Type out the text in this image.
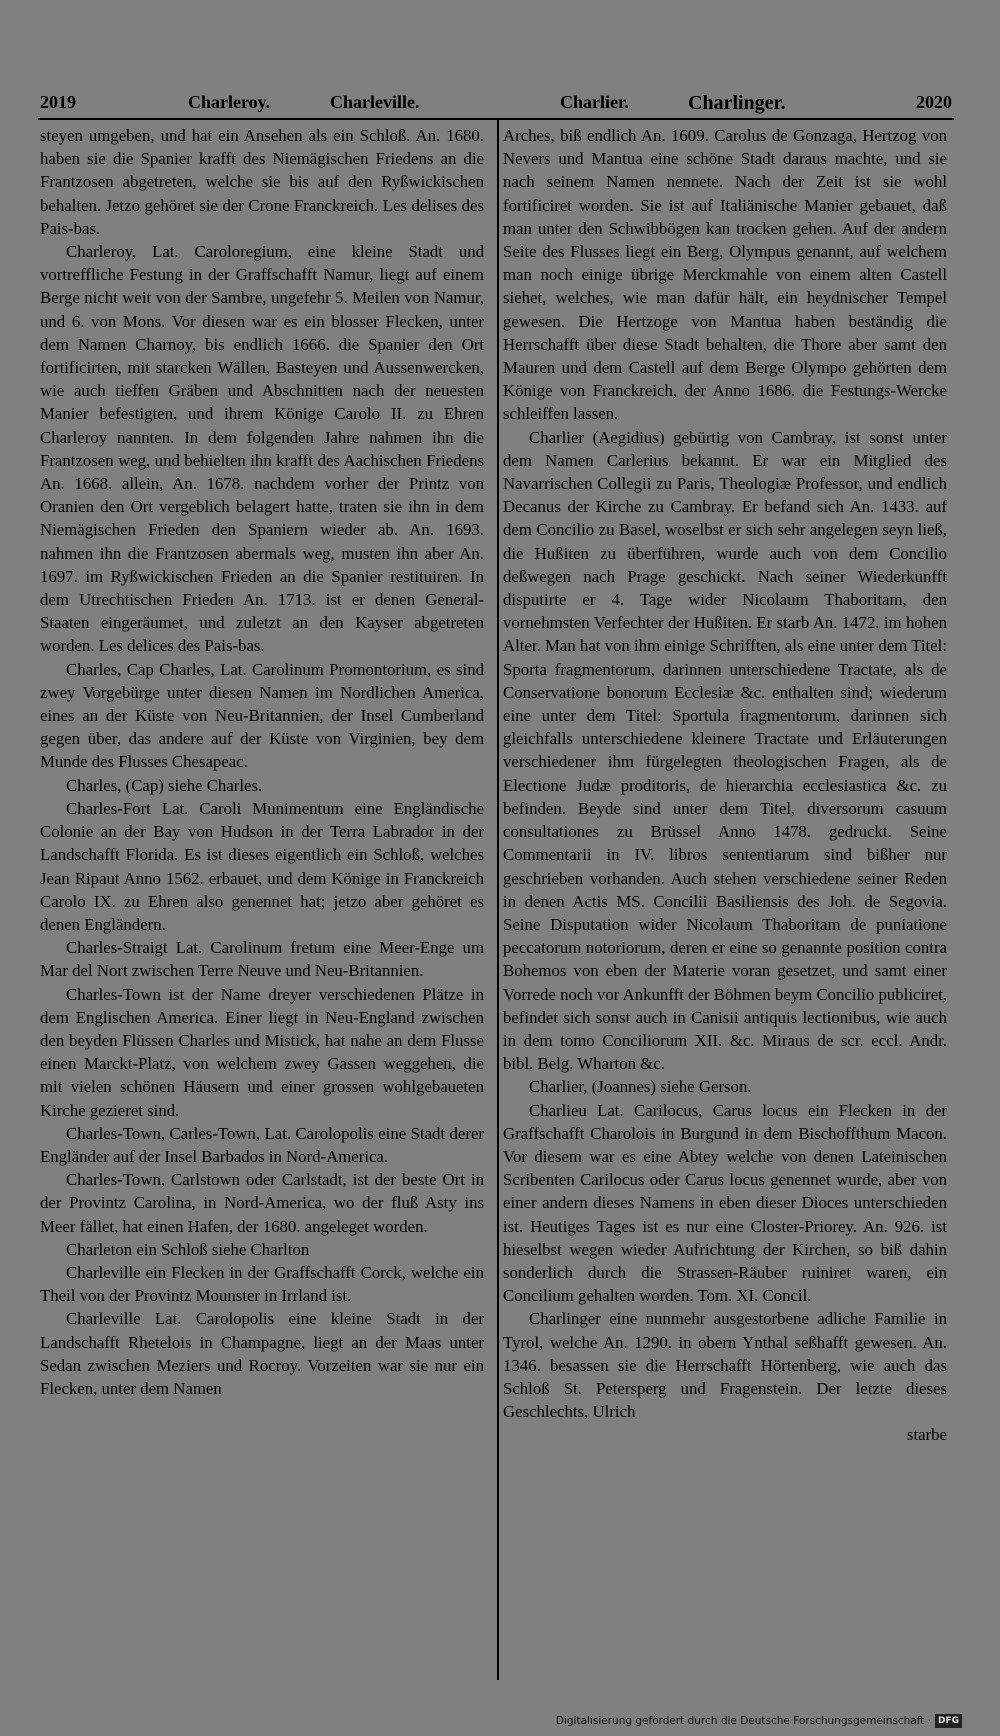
2019	Charleroy.	Charleville.	Charlier.	Charlinger.	2020

steyen umgeben, und hat ein Ansehen als ein Schloß. An. 1680. haben sie die Spanier krafft des Niemägischen Friedens an die Frantzosen abgetreten, welche sie bis auf den Ryßwickischen behalten. Jetzo gehöret sie der Crone Franckreich. Les delises des Pais-bas.

Charleroy, Lat. Caroloregium, eine kleine Stadt und vortreffliche Festung in der Graffschafft Namur, liegt auf einem Berge nicht weit von der Sambre, ungefehr 5. Meilen von Namur, und 6. von Mons. Vor diesen war es ein blosser Flecken, unter dem Namen Charnoy, bis endlich 1666. die Spanier den Ort fortificirten, mit starcken Wällen, Basteyen und Aussenwercken, wie auch tieffen Gräben und Abschnitten nach der neuesten Manier befestigten, und ihrem Könige Carolo II. zu Ehren Charleroy nannten. In dem folgenden Jahre nahmen ihn die Frantzosen weg, und behielten ihn krafft des Aachischen Friedens An. 1668. allein, An. 1678. nachdem vorher der Printz von Oranien den Ort vergeblich belagert hatte, traten sie ihn in dem Niemägischen Frieden den Spaniern wieder ab. An. 1693. nahmen ihn die Frantzosen abermals weg, musten ihn aber An. 1697. im Ryßwickischen Frieden an die Spanier restituiren. In dem Utrechtischen Frieden An. 1713. ist er denen General-Staaten eingeräumet, und zuletzt an den Kayser abgetreten worden. Les delices des Pais-bas.

Charles, Cap Charles, Lat. Carolinum Promontorium, es sind zwey Vorgebürge unter diesen Namen im Nordlichen America, eines an der Küste von Neu-Britannien, der Insel Cumberland gegen über, das andere auf der Küste von Virginien, bey dem Munde des Flusses Chesapeac.

Charles, (Cap) siehe Charles.

Charles-Fort Lat. Caroli Munimentum eine Engländische Colonie an der Bay von Hudson in der Terra Labrador in der Landschafft Florida. Es ist dieses eigentlich ein Schloß, welches Jean Ripaut Anno 1562. erbauet, und dem Könige in Franckreich Carolo IX. zu Ehren also genennet hat; jetzo aber gehöret es denen Engländern.

Charles-Straigt Lat. Carolinum fretum eine Meer-Enge um Mar del Nort zwischen Terre Neuve und Neu-Britannien.

Charles-Town ist der Name dreyer verschiedenen Plätze in dem Englischen America. Einer liegt in Neu-England zwischen den beyden Flüssen Charles und Mistick, hat nahe an dem Flusse einen Marckt-Platz, von welchem zwey Gassen weggehen, die mit vielen schönen Häusern und einer grossen wohlgebaueten Kirche gezieret sind.

Charles-Town, Carles-Town, Lat. Carolopolis eine Stadt derer Engländer auf der Insel Barbados in Nord-America.

Charles-Town, Carlstown oder Carlstadt, ist der beste Ort in der Provintz Carolina, in Nord-America, wo der fluß Asty ins Meer fället, hat einen Hafen, der 1680. angeleget worden.

Charleton ein Schloß siehe Charlton

Charleville ein Flecken in der Graffschafft Corck, welche ein Theil von der Provintz Mounster in Irrland ist.

Charleville Lat. Carolopolis eine kleine Stadt in der Landschafft Rhetelois in Champagne, liegt an der Maas unter Sedan zwischen Meziers und Rocroy. Vorzeiten war sie nur ein Flecken, unter dem Namen

Arches, biß endlich An. 1609. Carolus de Gonzaga, Hertzog von Nevers und Mantua eine schöne Stadt daraus machte, und sie nach seinem Namen nennete. Nach der Zeit ist sie wohl fortificiret worden. Sie ist auf Italiänische Manier gebauet, daß man unter den Schwibbögen kan trocken gehen. Auf der andern Seite des Flusses liegt ein Berg, Olympus genannt, auf welchem man noch einige übrige Merckmahle von einem alten Castell siehet, welches, wie man dafür hält, ein heydnischer Tempel gewesen. Die Hertzoge von Mantua haben beständig die Herrschafft über diese Stadt behalten, die Thore aber samt den Mauren und dem Castell auf dem Berge Olympo gehörten dem Könige von Franckreich, der Anno 1686. die Festungs-Wercke schleiffen lassen.

Charlier (Aegidius) gebürtig von Cambray, ist sonst unter dem Namen Carlerius bekannt. Er war ein Mitglied des Navarrischen Collegii zu Paris, Theologiæ Professor, und endlich Decanus der Kirche zu Cambray. Er befand sich An. 1433. auf dem Concilio zu Basel, woselbst er sich sehr angelegen seyn ließ, die Hußiten zu überführen, wurde auch von dem Concilio deßwegen nach Prage geschickt. Nach seiner Wiederkunfft disputirte er 4. Tage wider Nicolaum Thaboritam, den vornehmsten Verfechter der Hußiten. Er starb An. 1472. im hohen Alter. Man hat von ihm einige Schrifften, als eine unter dem Titel: Sporta fragmentorum, darinnen unterschiedene Tractate, als de Conservatione bonorum Ecclesiæ &c. enthalten sind; wiederum eine unter dem Titel: Sportula fragmentorum, darinnen sich gleichfalls unterschiedene kleinere Tractate und Erläuterungen verschiedener ihm fürgelegten theologischen Fragen, als de Electione Judæ proditoris, de hierarchia ecclesiastica &c. zu befinden. Beyde sind unter dem Titel, diversorum casuum consultationes zu Brüssel Anno 1478. gedruckt. Seine Commentarii in IV. libros sententiarum sind bißher nur geschrieben vorhanden. Auch stehen verschiedene seiner Reden in denen Actis MS. Concilii Basiliensis des Joh. de Segovia. Seine Disputation wider Nicolaum Thaboritam de puniatione peccatorum notoriorum, deren er eine so genannte position contra Bohemos von eben der Materie voran gesetzet, und samt einer Vorrede noch vor Ankunfft der Böhmen beym Concilio publiciret, befindet sich sonst auch in Canisii antiquis lectionibus, wie auch in dem tomo Conciliorum XII. &c. Miraus de scr. eccl. Andr. bibl. Belg. Wharton &c.

Charlier, (Joannes) siehe Gerson.

Charlieu Lat. Carilocus, Carus locus ein Flecken in der Graffschafft Charolois in Burgund in dem Bischoffthum Macon. Vor diesem war es eine Abtey welche von denen Lateinischen Scribenten Carilocus oder Carus locus genennet wurde, aber von einer andern dieses Namens in eben dieser Dioces unterschieden ist. Heutiges Tages ist es nur eine Closter-Priorey. An. 926. ist hieselbst wegen wieder Aufrichtung der Kirchen, so biß dahin sonderlich durch die Strassen-Räuber ruiniret waren, ein Concilium gehalten worden. Tom. XI. Concil.

Charlinger eine nunmehr ausgestorbene adliche Familie in Tyrol, welche An. 1290. in obern Ynthal seßhafft gewesen. An. 1346. besassen sie die Herrschafft Hörtenberg, wie auch das Schloß St. Petersperg und Fragenstein. Der letzte dieses Geschlechts, Ulrich

starbe

Digitalisierung gefördert durch die Deutsche Forschungsgemeinschaft · DFG
